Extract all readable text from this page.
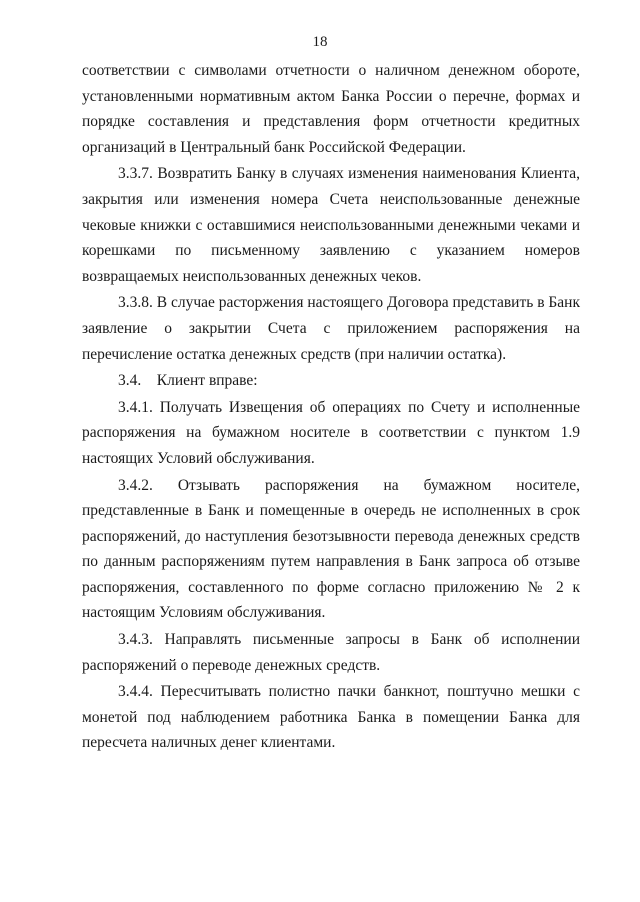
18

соответствии с символами отчетности о наличном денежном обороте, установленными нормативным актом Банка России о перечне, формах и порядке составления и представления форм отчетности кредитных организаций в Центральный банк Российской Федерации.

3.3.7. Возвратить Банку в случаях изменения наименования Клиента, закрытия или изменения номера Счета неиспользованные денежные чековые книжки с оставшимися неиспользованными денежными чеками и корешками по письменному заявлению с указанием номеров возвращаемых неиспользованных денежных чеков.

3.3.8. В случае расторжения настоящего Договора представить в Банк заявление о закрытии Счета с приложением распоряжения на перечисление остатка денежных средств (при наличии остатка).

3.4.    Клиент вправе:

3.4.1. Получать Извещения об операциях по Счету и исполненные распоряжения на бумажном носителе в соответствии с пунктом 1.9 настоящих Условий обслуживания.

3.4.2. Отзывать распоряжения на бумажном носителе, представленные в Банк и помещенные в очередь не исполненных в срок распоряжений, до наступления безотзывности перевода денежных средств по данным распоряжениям путем направления в Банк запроса об отзыве распоряжения, составленного по форме согласно приложению № 2 к настоящим Условиям обслуживания.

3.4.3. Направлять письменные запросы в Банк об исполнении распоряжений о переводе денежных средств.

3.4.4. Пересчитывать полистно пачки банкнот, поштучно мешки с монетой под наблюдением работника Банка в помещении Банка для пересчета наличных денег клиентами.
